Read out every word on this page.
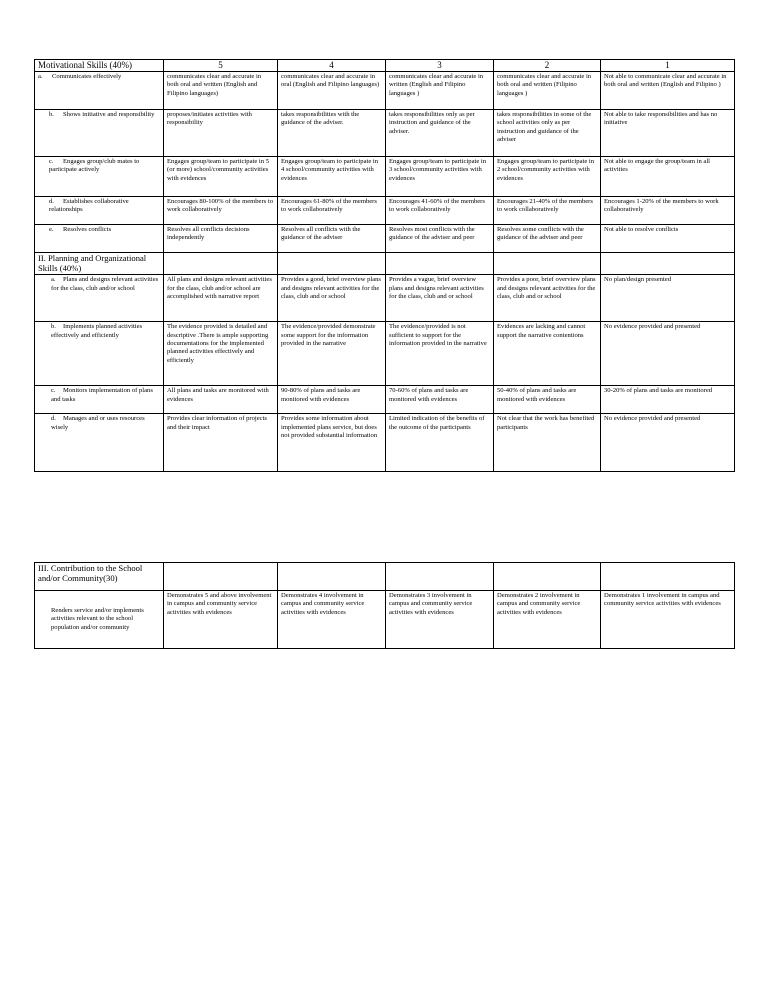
Motivational Skills (40%)	5	4	3	2	1
a. Communicates effectively	communicates clear and accurate in both oral and written (English and Filipino languages)	communicates clear and accurate in oral (English and Filipino languages)	communicates clear and accurate in written (English and Filipino languages )	communicates clear and accurate in both oral and written (Filipino languages )	Not able to communicate clear and accurate in both oral and written (English and Filipino )
b. Shows initiative and responsibility	proposes/initiates activities with responsibility	takes responsibilities with the guidance of the adviser.	takes responsibilities only as per instruction and guidance of the adviser.	takes responsibilities in some of the school activities only as per instruction and guidance of the adviser	Not able to take responsibilities and has no initiative
c. Engages group/club mates to participate actively	Engages group/team to participate in 5 (or more) school/community activities with evidences	Engages group/team to participate in 4 school/community activities with evidences	Engages group/team to participate in 3 school/community activities with evidences	Engages group/team to participate in 2 school/community activities with evidences	Not able to engage the group/team in all activities
d. Establishes collaborative relationships	Encourages 80-100% of the members to work collaboratively	Encourages 61-80% of the members to work collaboratively	Encourages 41-60% of the members to work collaboratively	Encourages 21-40% of the members to work collaboratively	Encourages 1-20% of the members to work collaboratively
e. Resolves conflicts	Resolves all conflicts decisions independently	Resolves all conflicts with the guidance of the adviser	Resolves most conflicts with the guidance of the adviser and peer	Resolves some conflicts with the guidance of the adviser and peer	Not able to resolve conflicts
II. Planning and Organizational Skills (40%)					
a. Plans and designs relevant activities for the class, club and/or school	All plans and designs relevant activities for the class, club and/or school are accomplished with narrative report	Provides a good, brief overview plans and designs relevant activities for the class, club and or school	Provides a vague, brief overview plans and designs relevant activities for the class, club and or school	Provides a poor, brief overview plans and designs relevant activities for the class, club and or school	No plan/design presented
b. Implements planned activities effectively and efficiently	The evidence provided is detailed and descriptive .There is ample supporting documentations for the implemented planned activities effectively and efficiently	The evidence/provided demonstrate some support for the information provided in the narrative	The evidence/provided is not sufficient to support for the information provided in the narrative	Evidences are lacking and cannot support the narrative contentions	No evidence provided and presented
c. Monitors implementation of plans and tasks	All plans and tasks are monitored with evidences	90-80% of plans and tasks are monitored with evidences	70-60% of plans and tasks are monitored with evidences	50-40% of plans and tasks are monitored with evidences	30-20% of plans and tasks are monitored
d. Manages and or uses resources wisely	Provides clear information of projects and their impact	Provides some information about implemented plans service, but does not provided substantial information	Limited indication of the benefits of the outcome of the participants	Not clear that the work has benefited participants	No evidence provided and presented
III. Contribution to the School and/or Community(30)					
Renders service and/or implements activities relevant to the school population and/or community	Demonstrates 5 and above involvement in campus and community service activities with evidences	Demonstrates 4 involvement in campus and community service activities with evidences	Demonstrates 3 involvement in campus and community service activities with evidences	Demonstrates 2 involvement in campus and community service activities with evidences	Demonstrates 1 involvement in campus and community service activities with evidences
